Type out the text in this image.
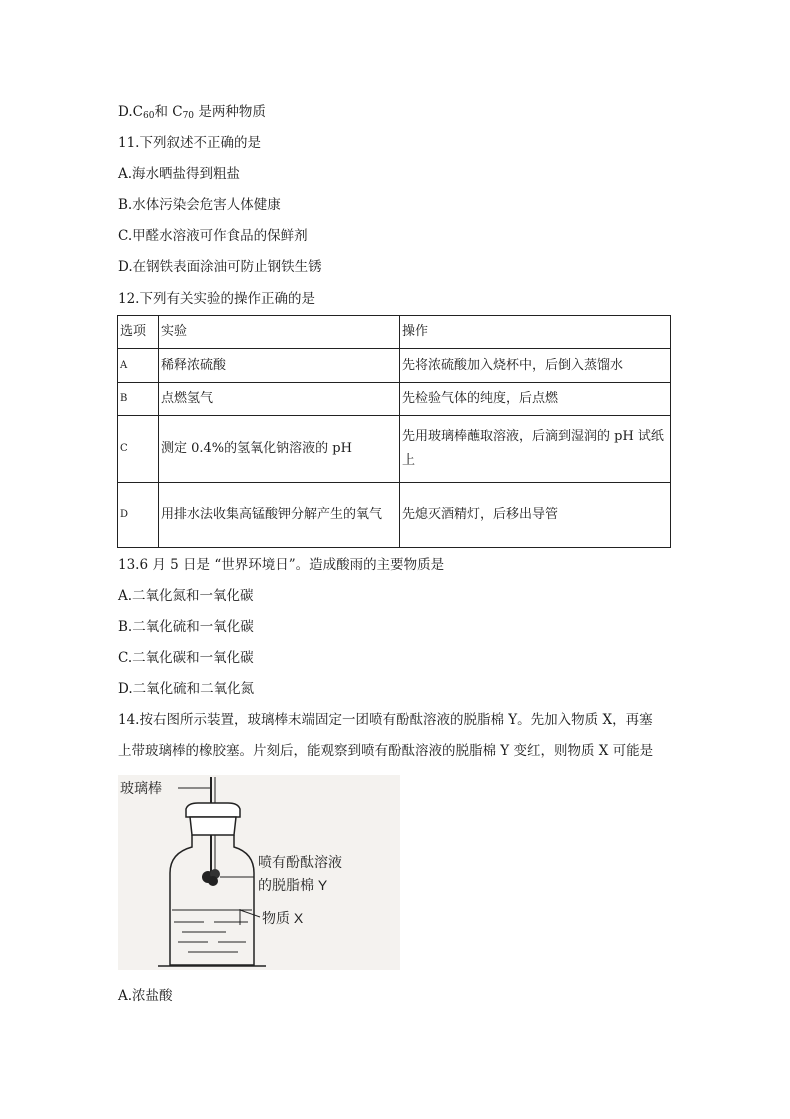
$D.C_{60}$和 $C_{70}$ 是两种物质
11.下列叙述不正确的是
A.海水晒盐得到粗盐
B.水体污染会危害人体健康
C.甲醛水溶液可作食品的保鲜剂
D.在钢铁表面涂油可防止钢铁生锈
12.下列有关实验的操作正确的是
选项	实验	操作
A	稀释浓硫酸	先将浓硫酸加入烧杯中，后倒入蒸馏水
B	点燃氢气	先检验气体的纯度，后点燃
C	测定 0.4%的氢氧化钠溶液的 pH	先用玻璃棒蘸取溶液，后滴到湿润的 pH 试纸上
D	用排水法收集高锰酸钾分解产生的氧气	先熄灭酒精灯，后移出导管
13.6 月 5 日是 “世界环境日”。造成酸雨的主要物质是
A.二氧化氮和一氧化碳
B.二氧化硫和一氧化碳
C.二氧化碳和一氧化碳
D.二氧化硫和二氧化氮
14.按右图所示装置，玻璃棒末端固定一团喷有酚酞溶液的脱脂棉 Y。先加入物质 X，再塞
上带玻璃棒的橡胶塞。片刻后，能观察到喷有酚酞溶液的脱脂棉 Y 变红，则物质 X 可能是
玻璃棒
喷有酚酞溶液
的脱脂棉 Y
物质 X
A.浓盐酸
